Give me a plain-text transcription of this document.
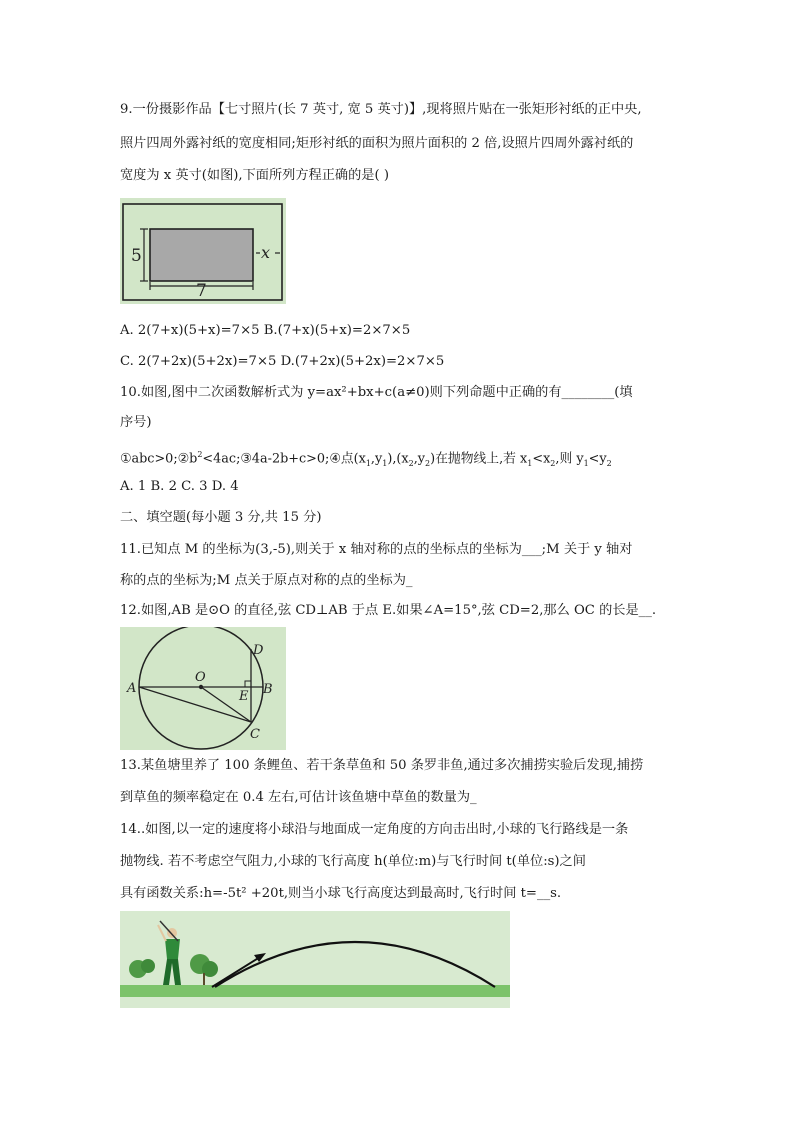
9.一份摄影作品【七寸照片(长 7 英寸, 宽 5 英寸)】,现将照片贴在一张矩形衬纸的正中央,
照片四周外露衬纸的宽度相同;矩形衬纸的面积为照片面积的 2 倍,设照片四周外露衬纸的
宽度为 x 英寸(如图),下面所列方程正确的是( )
5
7
x
A. 2(7+x)(5+x)=7×5 B.(7+x)(5+x)=2×7×5
C. 2(7+2x)(5+2x)=7×5 D.(7+2x)(5+2x)=2×7×5
10.如图,图中二次函数解析式为 y=ax²+bx+c(a≠0)则下列命题中正确的有________(填
序号)
$①abc>0;②b^2<4ac;③4a-2b+c>0;④$点$(x_1,y_1),(x_2,y_2)$在抛物线上,若 $x_1<x_2$,则 $y_1<y_2$
A. 1 B. 2 C. 3 D. 4
二、填空题(每小题 3 分,共 15 分)
11.已知点 M 的坐标为(3,-5),则关于 x 轴对称的点的坐标点的坐标为___;M 关于 y 轴对
称的点的坐标为;M 点关于原点对称的点的坐标为_
12.如图,AB 是⊙O 的直径,弦 CD⊥AB 于点 E.如果∠A=15°,弦 CD=2,那么 OC 的长是__.
A
O
D
E B
C
13.某鱼塘里养了 100 条鲤鱼、若干条草鱼和 50 条罗非鱼,通过多次捕捞实验后发现,捕捞
到草鱼的频率稳定在 0.4 左右,可估计该鱼塘中草鱼的数量为_
14..如图,以一定的速度将小球沿与地面成一定角度的方向击出时,小球的飞行路线是一条
抛物线. 若不考虑空气阻力,小球的飞行高度 h(单位:m)与飞行时间 t(单位:s)之间
具有函数关系:h=-5t² +20t,则当小球飞行高度达到最高时,飞行时间 t=__s.
